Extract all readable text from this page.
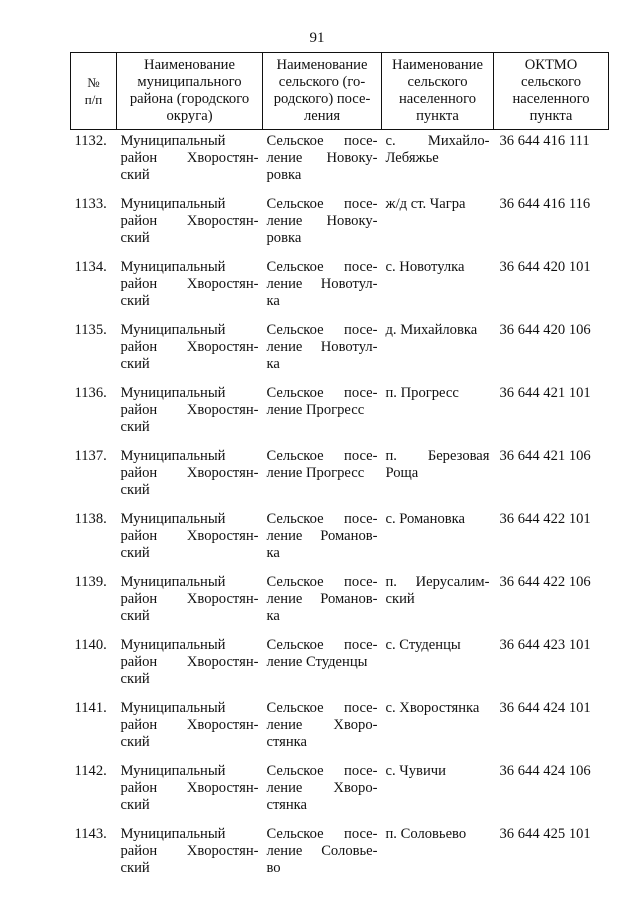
91
№
п/п	Наименование
муниципального
района (городского
округа)	Наименование
сельского (го-
родского) посе-
ления	Наименование
сельского
населенного
пункта	ОКТМО
сельского
населенного
пункта

1132.	Муниципальный
район Хворостян-
ский	Сельское посе-
ление Новоку-
ровка	с. Михайло-
Лебяжье	36 644 416 111
1133.	Муниципальный
район Хворостян-
ский	Сельское посе-
ление Новоку-
ровка	ж/д ст. Чагра	36 644 416 116
1134.	Муниципальный
район Хворостян-
ский	Сельское посе-
ление Новотул-
ка	с. Новотулка	36 644 420 101
1135.	Муниципальный
район Хворостян-
ский	Сельское посе-
ление Новотул-
ка	д. Михайловка	36 644 420 106
1136.	Муниципальный
район Хворостян-
ский	Сельское посе-
ление Прогресс	п. Прогресс	36 644 421 101
1137.	Муниципальный
район Хворостян-
ский	Сельское посе-
ление Прогресс	п. Березовая
Роща	36 644 421 106
1138.	Муниципальный
район Хворостян-
ский	Сельское посе-
ление Романов-
ка	с. Романовка	36 644 422 101
1139.	Муниципальный
район Хворостян-
ский	Сельское посе-
ление Романов-
ка	п. Иерусалим-
ский	36 644 422 106
1140.	Муниципальный
район Хворостян-
ский	Сельское посе-
ление Студенцы	с. Студенцы	36 644 423 101
1141.	Муниципальный
район Хворостян-
ский	Сельское посе-
ление Хворо-
стянка	с. Хворостянка	36 644 424 101
1142.	Муниципальный
район Хворостян-
ский	Сельское посе-
ление Хворо-
стянка	с. Чувичи	36 644 424 106
1143.	Муниципальный
район Хворостян-
ский	Сельское посе-
ление Соловье-
во	п. Соловьево	36 644 425 101
